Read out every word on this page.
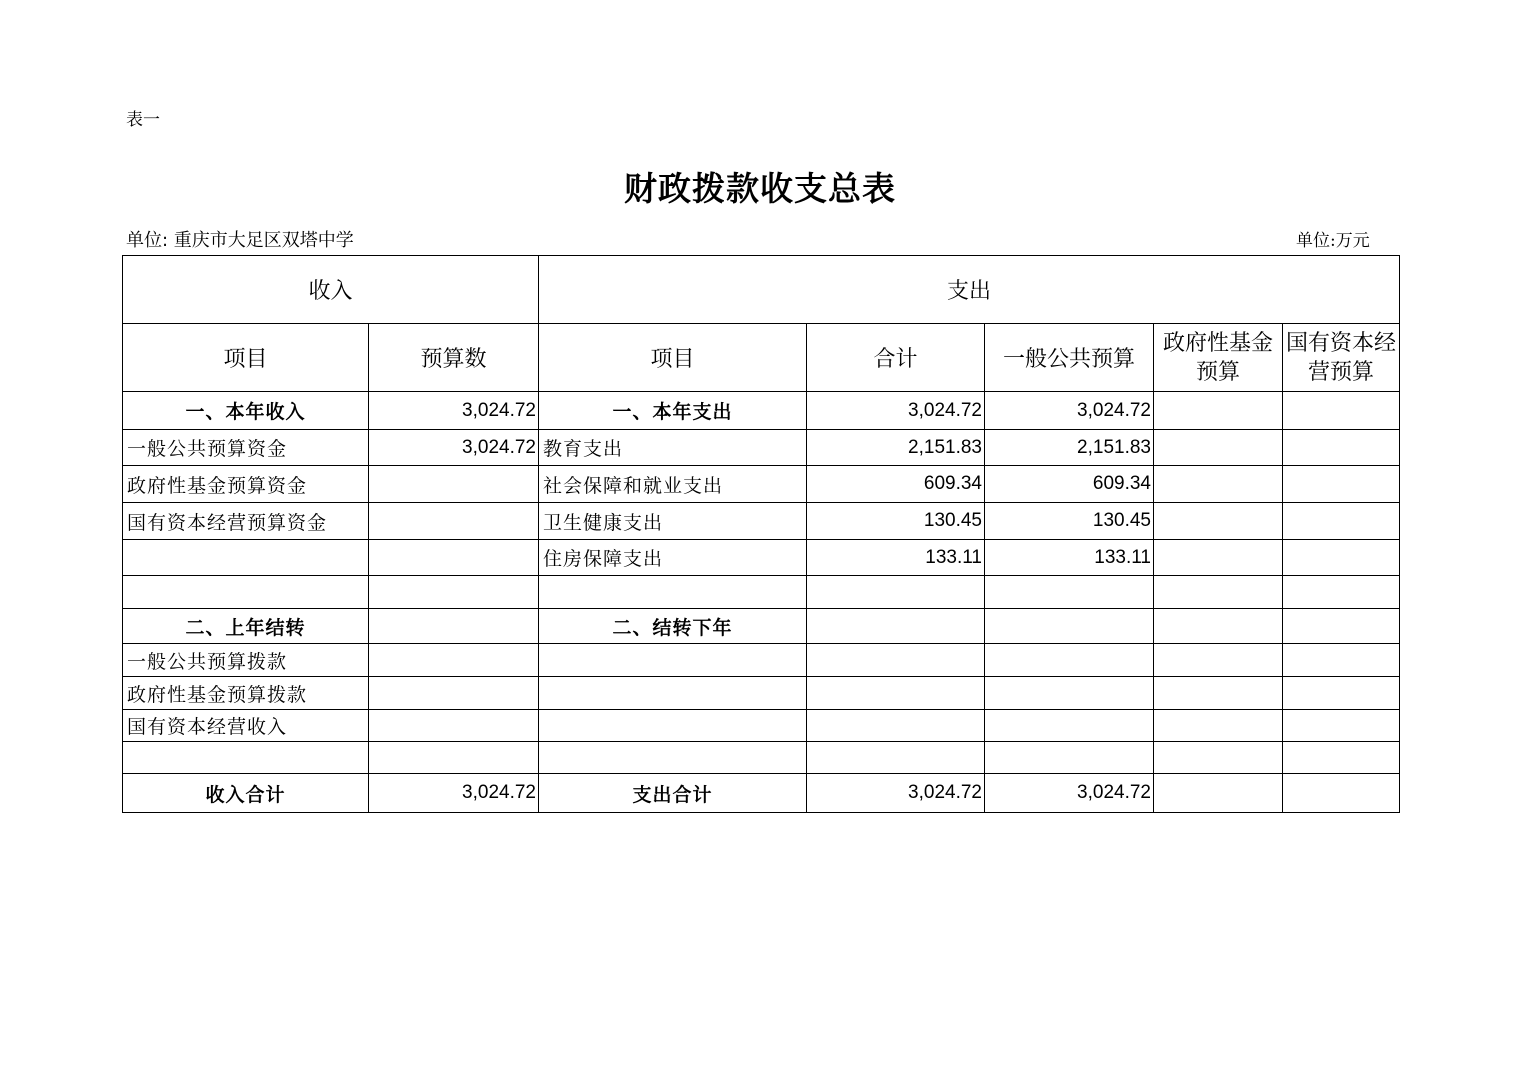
表一
财政拨款收支总表
单位: 重庆市大足区双塔中学	单位:万元
收入		支出				
项目	预算数	项目	合计	一般公共预算	政府性基金预算	国有资本经营预算
一、本年收入	3,024.72	一、本年支出	3,024.72	3,024.72		
一般公共预算资金	3,024.72	教育支出	2,151.83	2,151.83		
政府性基金预算资金		社会保障和就业支出	609.34	609.34		
国有资本经营预算资金		卫生健康支出	130.45	130.45		
		住房保障支出	133.11	133.11		

二、上年结转		二、结转下年				
一般公共预算拨款						
政府性基金预算拨款						
国有资本经营收入						

收入合计	3,024.72	支出合计	3,024.72	3,024.72		
